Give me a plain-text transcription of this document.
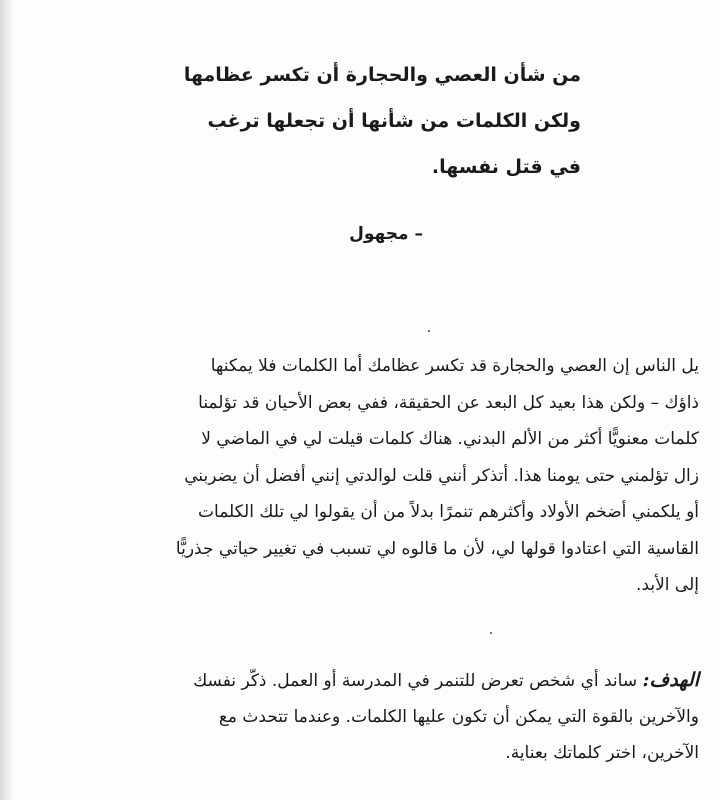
من شأن العصي والحجارة أن تكسر عظامها
ولكن الكلمات من شأنها أن تجعلها ترغب
في قتل نفسها.
– مجهول
يل الناس إن العصي والحجارة قد تكسر عظامك أما الكلمات فلا يمكنها
ذاؤك – ولكن هذا بعيد كل البعد عن الحقيقة، ففي بعض الأحيان قد تؤلمنا
كلمات معنويًّا أكثر من الألم البدني. هناك كلمات قيلت لي في الماضي لا
زال تؤلمني حتى يومنا هذا. أتذكر أنني قلت لوالدتي إنني أفضل أن يضربني
أو يلكمني أضخم الأولاد وأكثرهم تنمرًا بدلاً من أن يقولوا لي تلك الكلمات
القاسية التي اعتادوا قولها لي، لأن ما قالوه لي تسبب في تغيير حياتي جذريًّا
إلى الأبد.
الهدف: ساند أي شخص تعرض للتنمر في المدرسة أو العمل. ذكّر نفسك
والآخرين بالقوة التي يمكن أن تكون عليها الكلمات. وعندما تتحدث مع
الآخرين، اختر كلماتك بعناية.
